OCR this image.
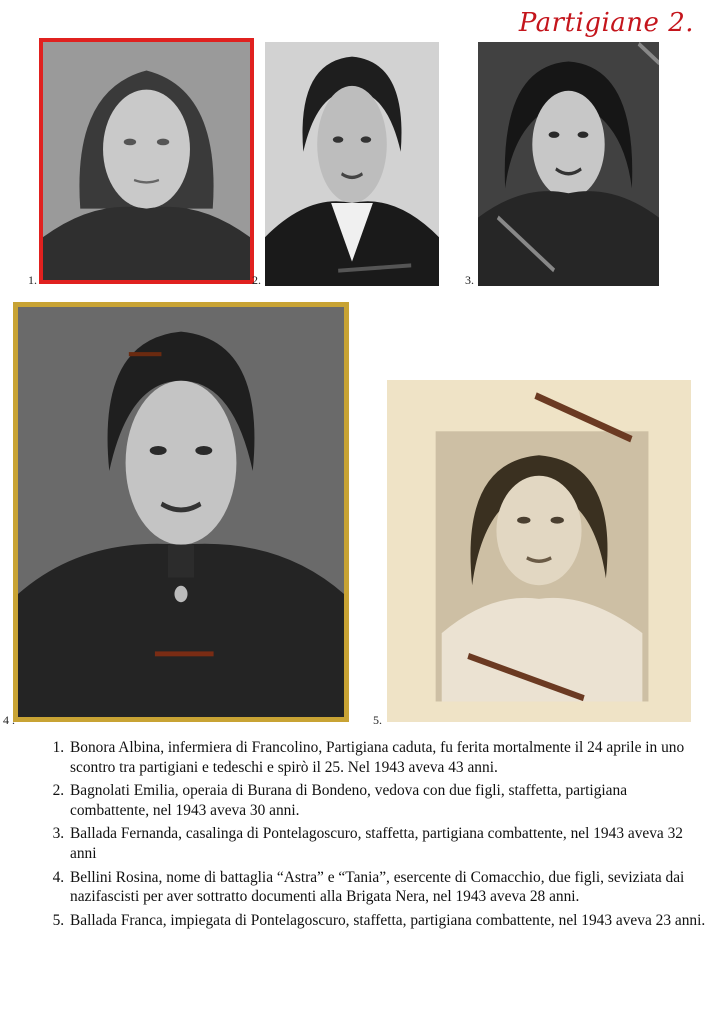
Partigiane 2.
1.	2.	3.
4 .	5.
1. Bonora Albina, infermiera di Francolino, Partigiana caduta, fu ferita mortalmente il 24 aprile in uno scontro tra partigiani e tedeschi e spirò il 25. Nel 1943 aveva 43 anni.
2. Bagnolati Emilia, operaia di Burana di Bondeno, vedova con due figli, staffetta, partigiana combattente, nel 1943 aveva 30 anni.
3. Ballada Fernanda, casalinga di Pontelagoscuro, staffetta, partigiana combattente, nel 1943 aveva 32 anni
4. Bellini Rosina, nome di battaglia “Astra” e “Tania”, esercente di Comacchio, due figli, seviziata dai nazifascisti per aver sottratto documenti alla Brigata Nera, nel 1943 aveva 28 anni.
5. Ballada Franca, impiegata di Pontelagoscuro, staffetta, partigiana combattente, nel 1943 aveva 23 anni.
